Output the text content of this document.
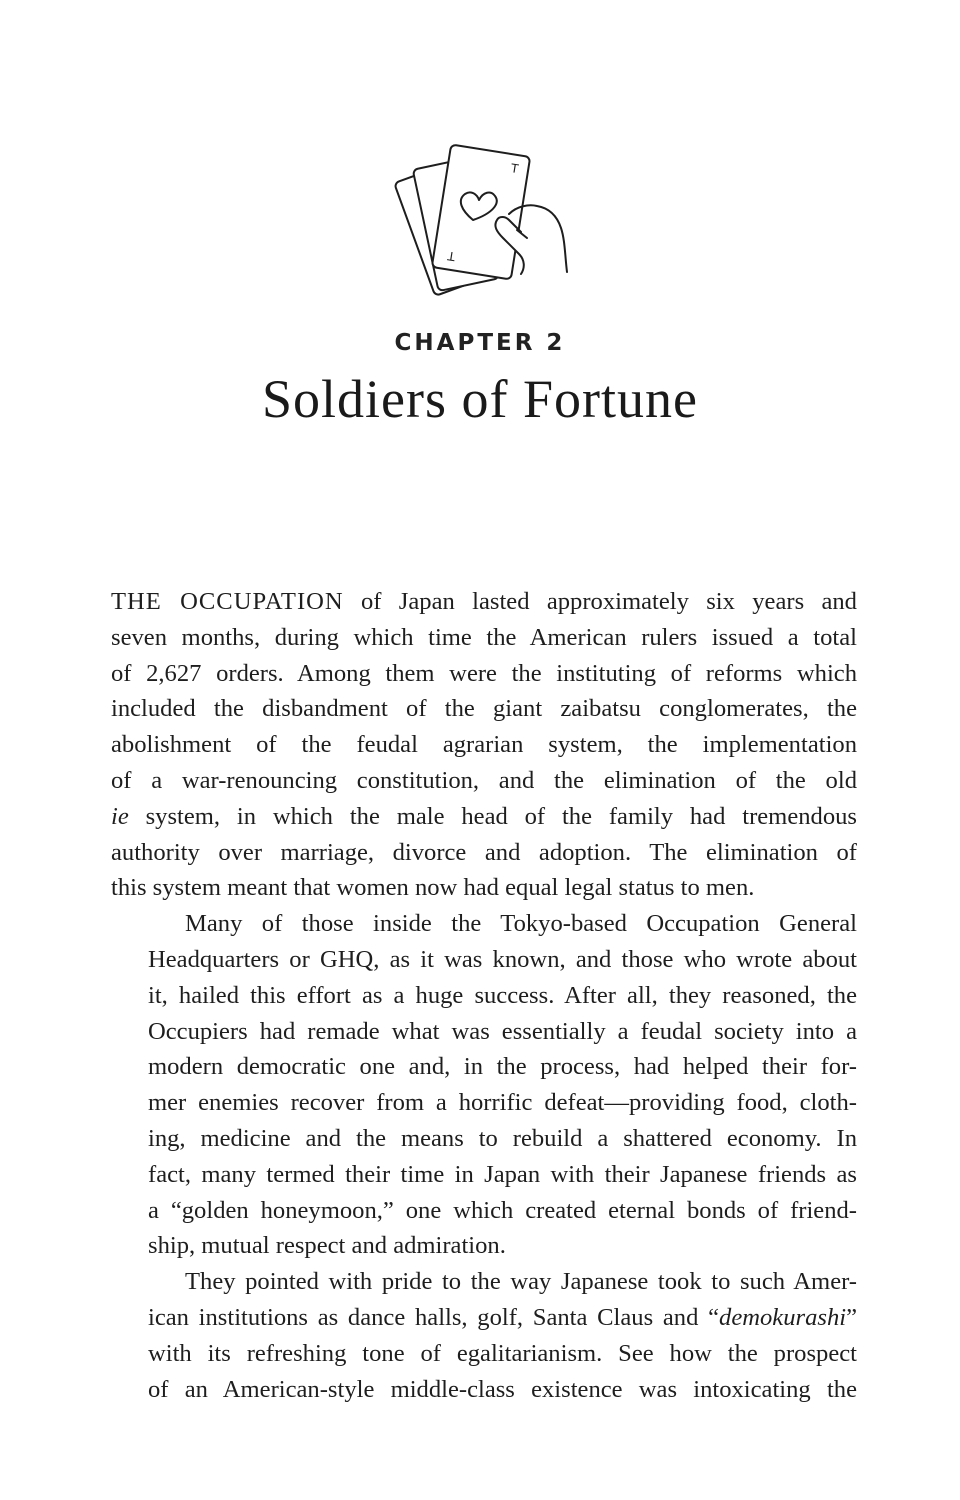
T
T
CHAPTER 2
Soldiers of Fortune
THE OCCUPATION of Japan lasted approximately six years and
seven months, during which time the American rulers issued a total
of 2,627 orders. Among them were the instituting of reforms which
included the disbandment of the giant zaibatsu conglomerates, the
abolishment of the feudal agrarian system, the implementation
of a war-renouncing constitution, and the elimination of the old
ie system, in which the male head of the family had tremendous
authority over marriage, divorce and adoption. The elimination of
this system meant that women now had equal legal status to men.
Many of those inside the Tokyo-based Occupation General
Headquarters or GHQ, as it was known, and those who wrote about
it, hailed this effort as a huge success. After all, they reasoned, the
Occupiers had remade what was essentially a feudal society into a
modern democratic one and, in the process, had helped their for-
mer enemies recover from a horrific defeat—providing food, cloth-
ing, medicine and the means to rebuild a shattered economy. In
fact, many termed their time in Japan with their Japanese friends as
a “golden honeymoon,” one which created eternal bonds of friend-
ship, mutual respect and admiration.
They pointed with pride to the way Japanese took to such Amer-
ican institutions as dance halls, golf, Santa Claus and “demokurashi”
with its refreshing tone of egalitarianism. See how the prospect
of an American-style middle-class existence was intoxicating the
